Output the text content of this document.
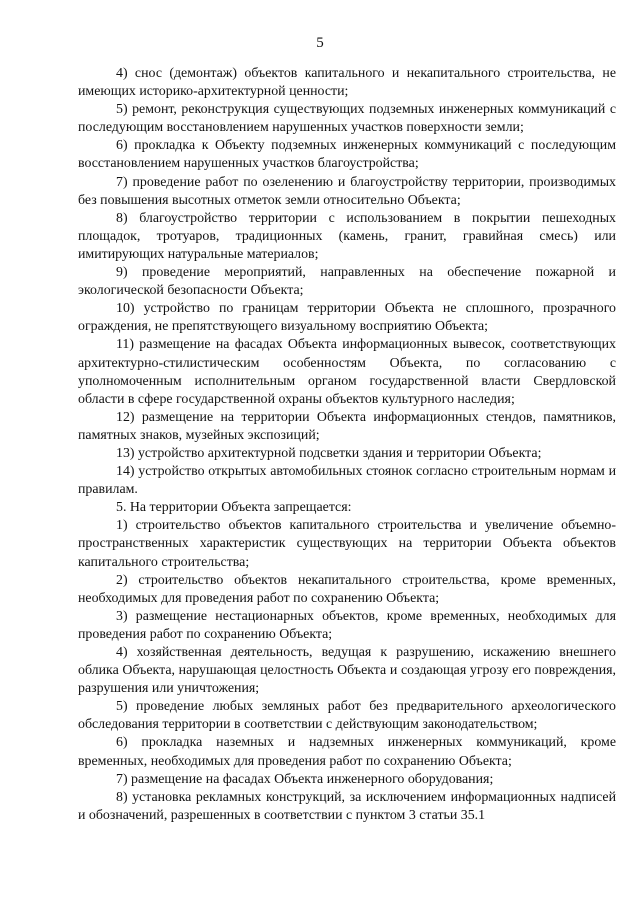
5

4) снос (демонтаж) объектов капитального и некапитального строительства, не имеющих историко-архитектурной ценности;

5) ремонт, реконструкция существующих подземных инженерных коммуникаций с последующим восстановлением нарушенных участков поверхности земли;

6) прокладка к Объекту подземных инженерных коммуникаций с последующим восстановлением нарушенных участков благоустройства;

7) проведение работ по озеленению и благоустройству территории, производимых без повышения высотных отметок земли относительно Объекта;

8) благоустройство территории с использованием в покрытии пешеходных площадок, тротуаров, традиционных (камень, гранит, гравийная смесь) или имитирующих натуральные материалов;

9) проведение мероприятий, направленных на обеспечение пожарной и экологической безопасности Объекта;

10) устройство по границам территории Объекта не сплошного, прозрачного ограждения, не препятствующего визуальному восприятию Объекта;

11) размещение на фасадах Объекта информационных вывесок, соответствующих архитектурно-стилистическим особенностям Объекта, по согласованию с уполномоченным исполнительным органом государственной власти Свердловской области в сфере государственной охраны объектов культурного наследия;

12) размещение на территории Объекта информационных стендов, памятников, памятных знаков, музейных экспозиций;

13) устройство архитектурной подсветки здания и территории Объекта;

14) устройство открытых автомобильных стоянок согласно строительным нормам и правилам.

5. На территории Объекта запрещается:

1) строительство объектов капитального строительства и увеличение объемно-пространственных характеристик существующих на территории Объекта объектов капитального строительства;

2) строительство объектов некапитального строительства, кроме временных, необходимых для проведения работ по сохранению Объекта;

3) размещение нестационарных объектов, кроме временных, необходимых для проведения работ по сохранению Объекта;

4) хозяйственная деятельность, ведущая к разрушению, искажению внешнего облика Объекта, нарушающая целостность Объекта и создающая угрозу его повреждения, разрушения или уничтожения;

5) проведение любых земляных работ без предварительного археологического обследования территории в соответствии с действующим законодательством;

6) прокладка наземных и надземных инженерных коммуникаций, кроме временных, необходимых для проведения работ по сохранению Объекта;

7) размещение на фасадах Объекта инженерного оборудования;

8) установка рекламных конструкций, за исключением информационных надписей и обозначений, разрешенных в соответствии с пунктом 3 статьи 35.1
